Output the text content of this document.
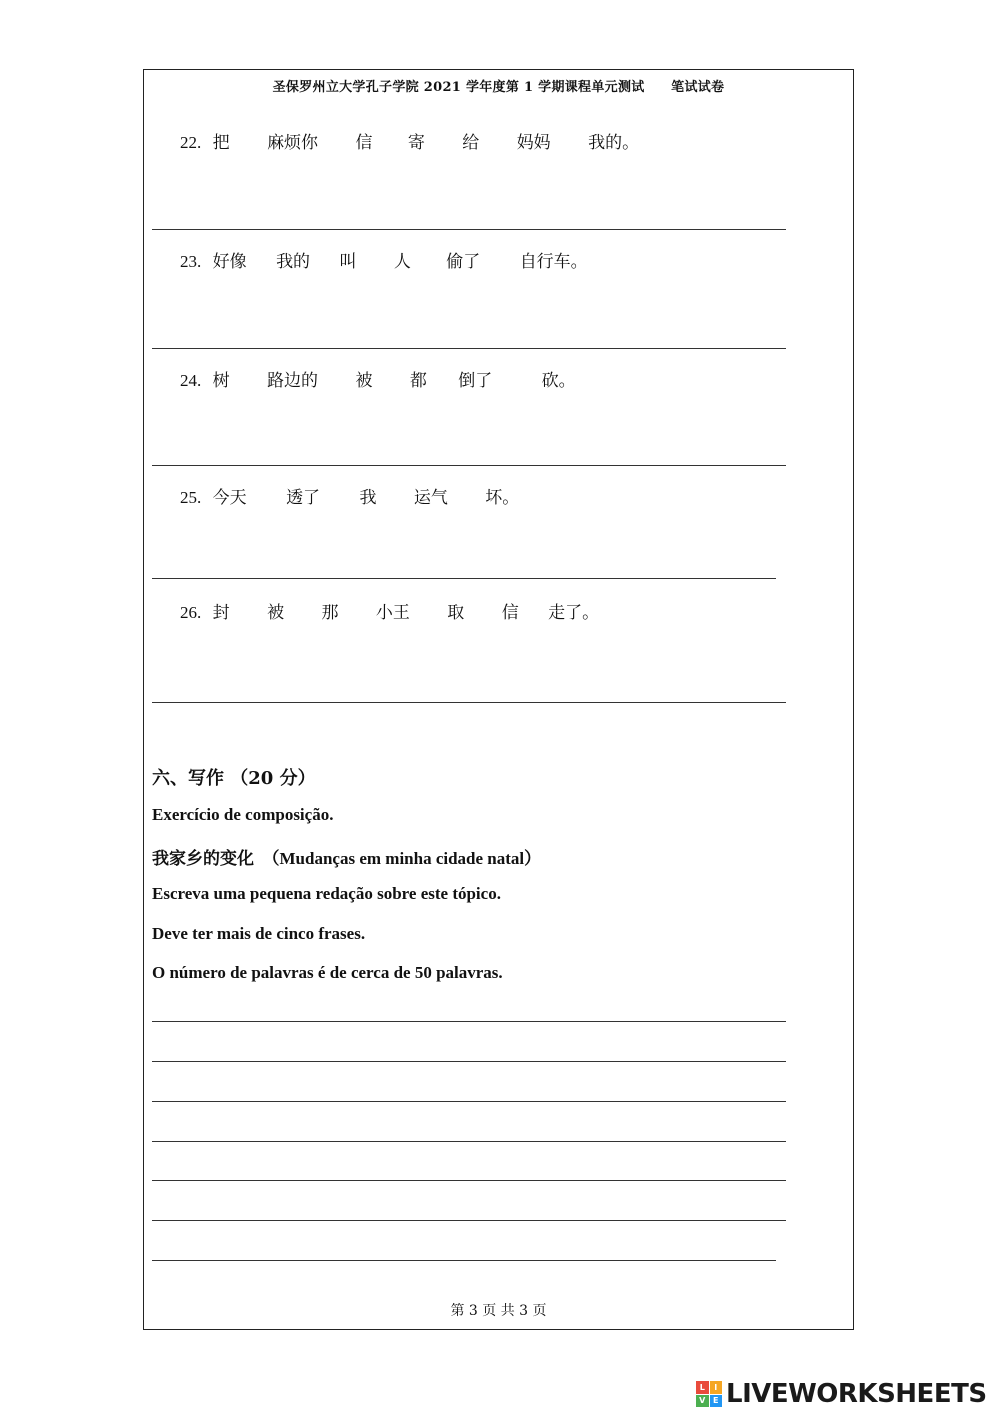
圣保罗州立大学孔子学院 2021 学年度第 1 学期课程单元测试　　笔试试卷
22. 把 麻烦你 信 寄 给 妈妈 我的。
23. 好像 我的 叫 人 偷了 自行车。
24. 树 路边的 被 都 倒了	砍。
25. 今天 透了 我 运气 坏。
26. 封 被 那 小王 取 信 走了。
六、写作 （20 分）
Exercício de composição.
我家乡的变化　（Mudanças em minha cidade natal）
Escreva uma pequena redação sobre este tópico.
Deve ter mais de cinco frases.
O número de palavras é de cerca de 50 palavras.
第 3 页 共 3 页
L	I
V E LIVEWORKSHEETS
